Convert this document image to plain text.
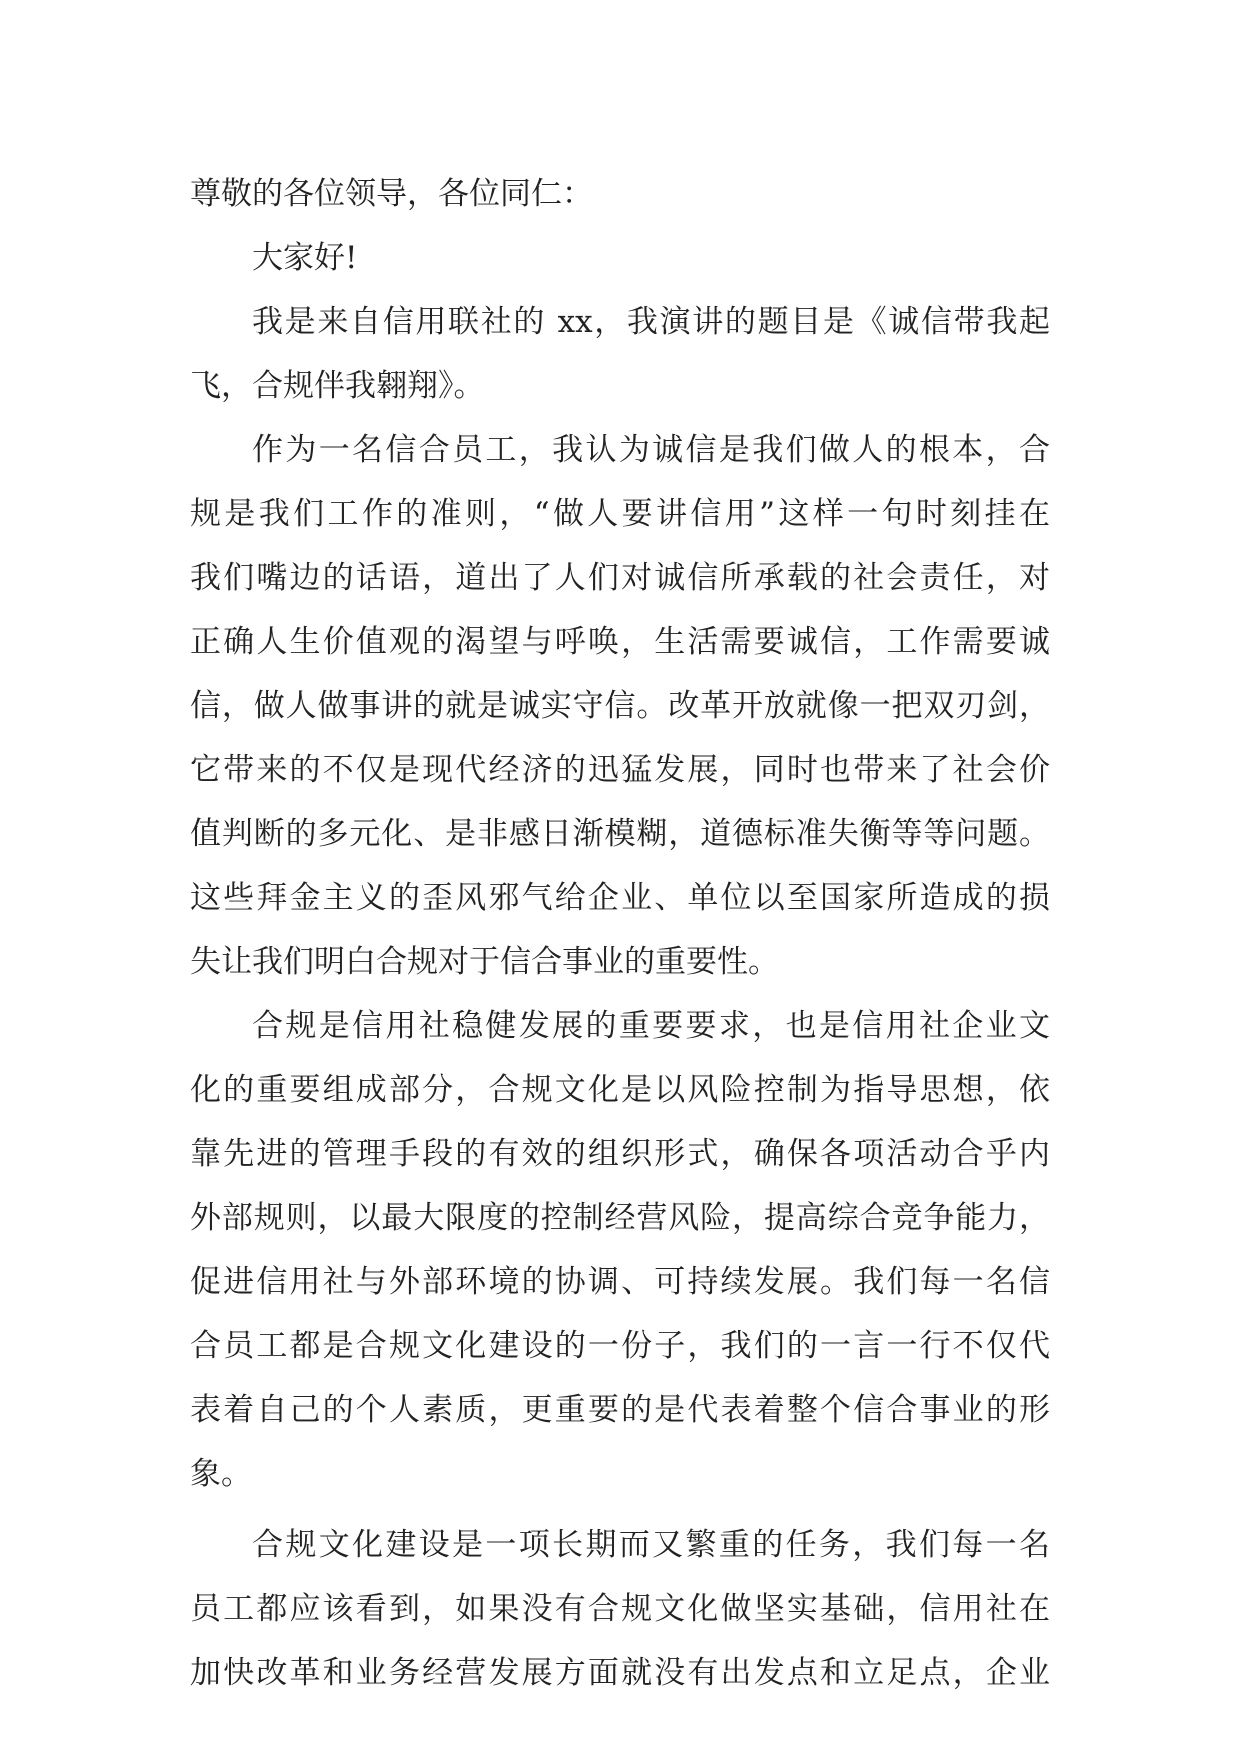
尊敬的各位领导，各位同仁：
大家好!
我是来自信用联社的 xx，我演讲的题目是《诚信带我起
飞，合规伴我翱翔》。
作为一名信合员工，我认为诚信是我们做人的根本，合
规是我们工作的准则，“做人要讲信用”这样一句时刻挂在
我们嘴边的话语，道出了人们对诚信所承载的社会责任，对
正确人生价值观的渴望与呼唤，生活需要诚信，工作需要诚
信，做人做事讲的就是诚实守信。改革开放就像一把双刃剑，
它带来的不仅是现代经济的迅猛发展，同时也带来了社会价
值判断的多元化、是非感日渐模糊，道德标准失衡等等问题。
这些拜金主义的歪风邪气给企业、单位以至国家所造成的损
失让我们明白合规对于信合事业的重要性。
合规是信用社稳健发展的重要要求，也是信用社企业文
化的重要组成部分，合规文化是以风险控制为指导思想，依
靠先进的管理手段的有效的组织形式，确保各项活动合乎内
外部规则，以最大限度的控制经营风险，提高综合竞争能力，
促进信用社与外部环境的协调、可持续发展。我们每一名信
合员工都是合规文化建设的一份子，我们的一言一行不仅代
表着自己的个人素质，更重要的是代表着整个信合事业的形
象。
合规文化建设是一项长期而又繁重的任务，我们每一名
员工都应该看到，如果没有合规文化做坚实基础，信用社在
加快改革和业务经营发展方面就没有出发点和立足点，企业
